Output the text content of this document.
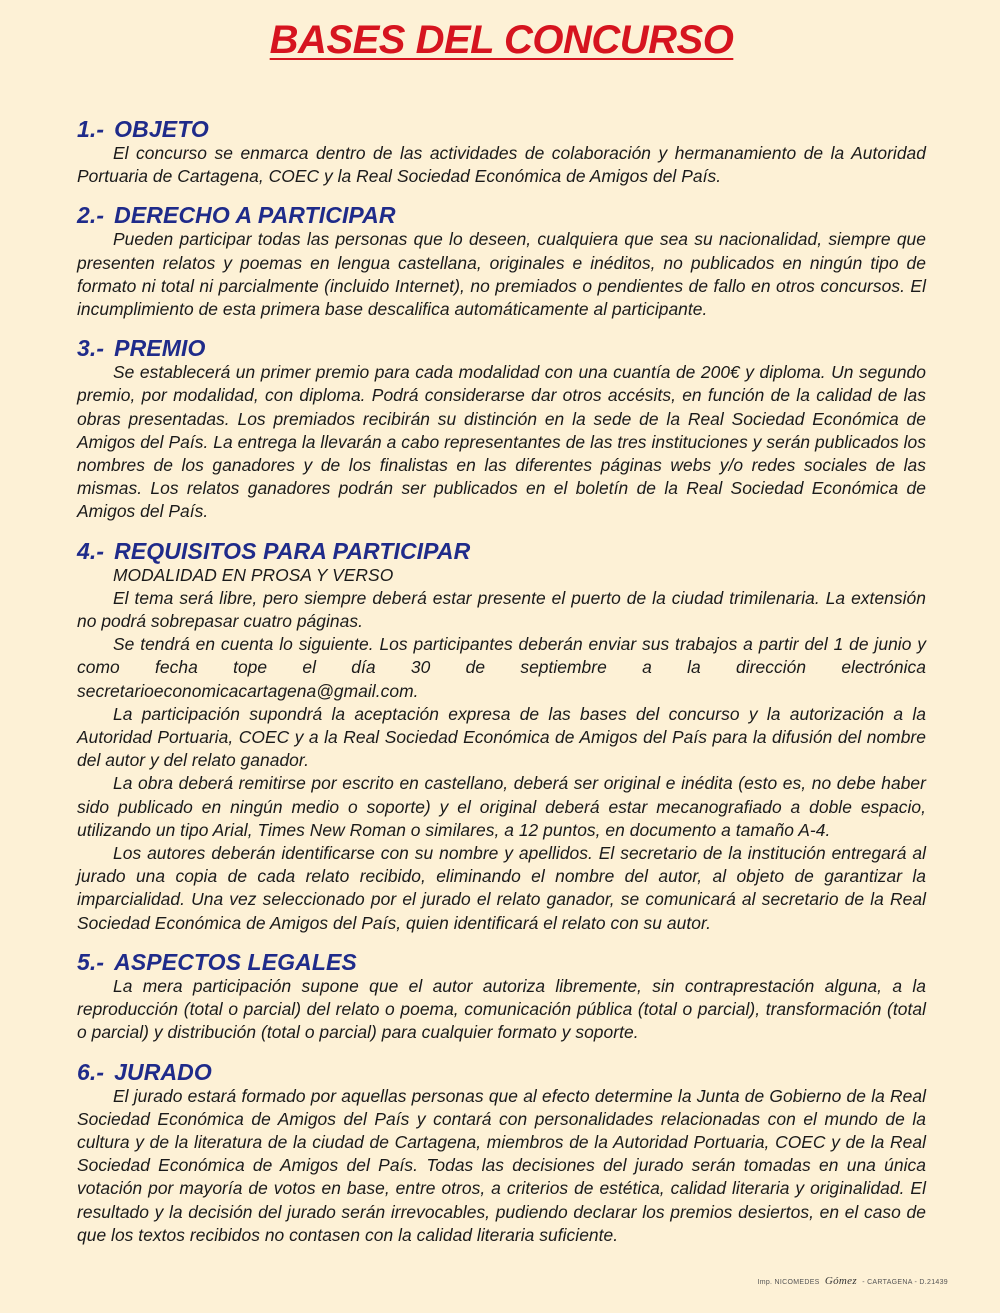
BASES DEL CONCURSO
1.- OBJETO

El concurso se enmarca dentro de las actividades de colaboración y hermanamiento de la Autoridad Portuaria de Cartagena, COEC y la Real Sociedad Económica de Amigos del País.

2.- DERECHO A PARTICIPAR

Pueden participar todas las personas que lo deseen, cualquiera que sea su nacionalidad, siempre que presenten relatos y poemas en lengua castellana, originales e inéditos, no publicados en ningún tipo de formato ni total ni parcialmente (incluido Internet), no premiados o pendientes de fallo en otros concursos. El incumplimiento de esta primera base descalifica automáticamente al participante.

3.- PREMIO

Se establecerá un primer premio para cada modalidad con una cuantía de 200€ y diploma. Un segundo premio, por modalidad, con diploma. Podrá considerarse dar otros accésits, en función de la calidad de las obras presentadas. Los premiados recibirán su distinción en la sede de la Real Sociedad Económica de Amigos del País. La entrega la llevarán a cabo representantes de las tres instituciones y serán publicados los nombres de los ganadores y de los finalistas en las diferentes páginas webs y/o redes sociales de las mismas. Los relatos ganadores podrán ser publicados en el boletín de la Real Sociedad Económica de Amigos del País.

4.- REQUISITOS PARA PARTICIPAR

MODALIDAD EN PROSA Y VERSO

El tema será libre, pero siempre deberá estar presente el puerto de la ciudad trimilenaria. La extensión no podrá sobrepasar cuatro páginas.

Se tendrá en cuenta lo siguiente. Los participantes deberán enviar sus trabajos a partir del 1 de junio y como fecha tope el día 30 de septiembre a la dirección electrónica secretarioeconomicacartagena@gmail.com.

La participación supondrá la aceptación expresa de las bases del concurso y la autorización a la Autoridad Portuaria, COEC y a la Real Sociedad Económica de Amigos del País para la difusión del nombre del autor y del relato ganador.

La obra deberá remitirse por escrito en castellano, deberá ser original e inédita (esto es, no debe haber sido publicado en ningún medio o soporte) y el original deberá estar mecanografiado a doble espacio, utilizando un tipo Arial, Times New Roman o similares, a 12 puntos, en documento a tamaño A-4.

Los autores deberán identificarse con su nombre y apellidos. El secretario de la institución entregará al jurado una copia de cada relato recibido, eliminando el nombre del autor, al objeto de garantizar la imparcialidad. Una vez seleccionado por el jurado el relato ganador, se comunicará al secretario de la Real Sociedad Económica de Amigos del País, quien identificará el relato con su autor.

5.- ASPECTOS LEGALES

La mera participación supone que el autor autoriza libremente, sin contraprestación alguna, a la reproducción (total o parcial) del relato o poema, comunicación pública (total o parcial), transformación (total o parcial) y distribución (total o parcial) para cualquier formato y soporte.

6.- JURADO

El jurado estará formado por aquellas personas que al efecto determine la Junta de Gobierno de la Real Sociedad Económica de Amigos del País y contará con personalidades relacionadas con el mundo de la cultura y de la literatura de la ciudad de Cartagena, miembros de la Autoridad Portuaria, COEC y de la Real Sociedad Económica de Amigos del País. Todas las decisiones del jurado serán tomadas en una única votación por mayoría de votos en base, entre otros, a criterios de estética, calidad literaria y originalidad. El resultado y la decisión del jurado serán irrevocables, pudiendo declarar los premios desiertos, en el caso de que los textos recibidos no contasen con la calidad literaria suficiente.

Imp. NICOMEDES Gómez - CARTAGENA - D.21439
